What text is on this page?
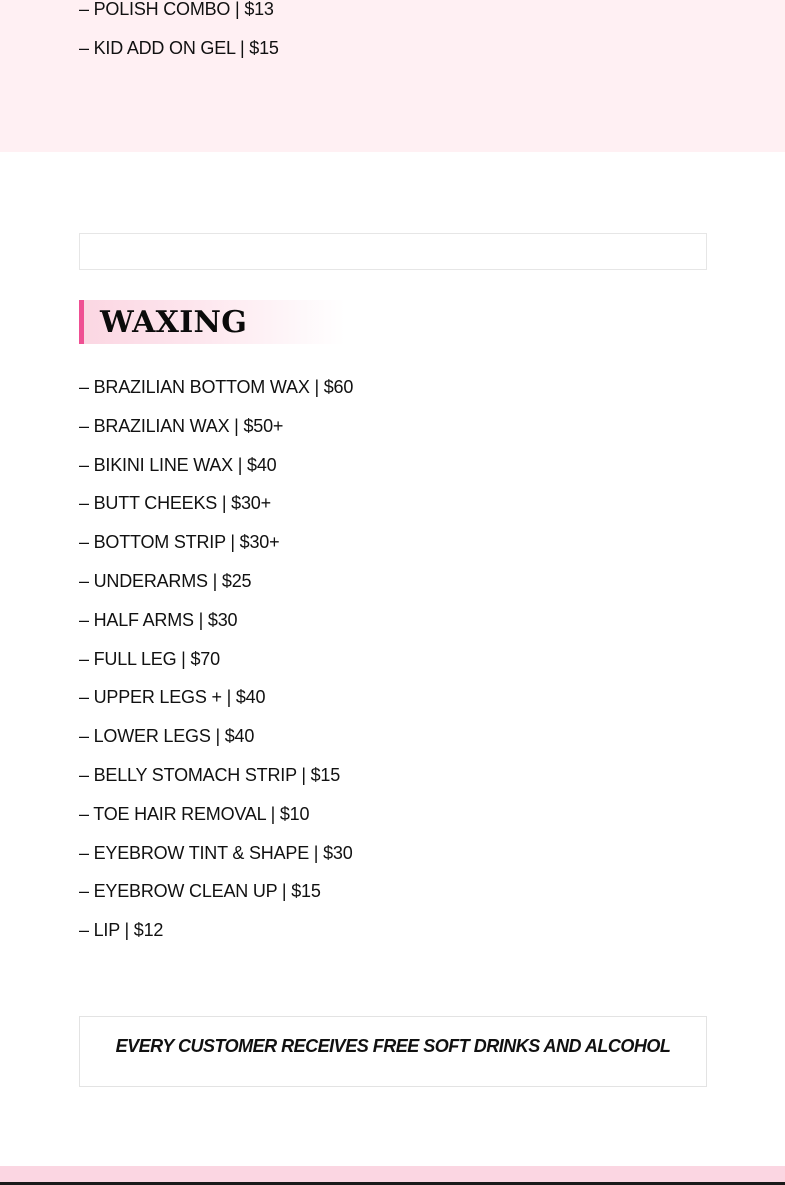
– POLISH COMBO | $13
– KID ADD ON GEL | $15
WAXING
– BRAZILIAN BOTTOM WAX | $60
– BRAZILIAN WAX | $50+
– BIKINI LINE WAX | $40
– BUTT CHEEKS | $30+
– BOTTOM STRIP | $30+
– UNDERARMS | $25
– HALF ARMS | $30
– FULL LEG | $70
– UPPER LEGS + | $40
– LOWER LEGS | $40
– BELLY STOMACH STRIP | $15
– TOE HAIR REMOVAL | $10
– EYEBROW TINT & SHAPE | $30
– EYEBROW CLEAN UP | $15
– LIP | $12
EVERY CUSTOMER RECEIVES FREE SOFT DRINKS AND ALCOHOL
